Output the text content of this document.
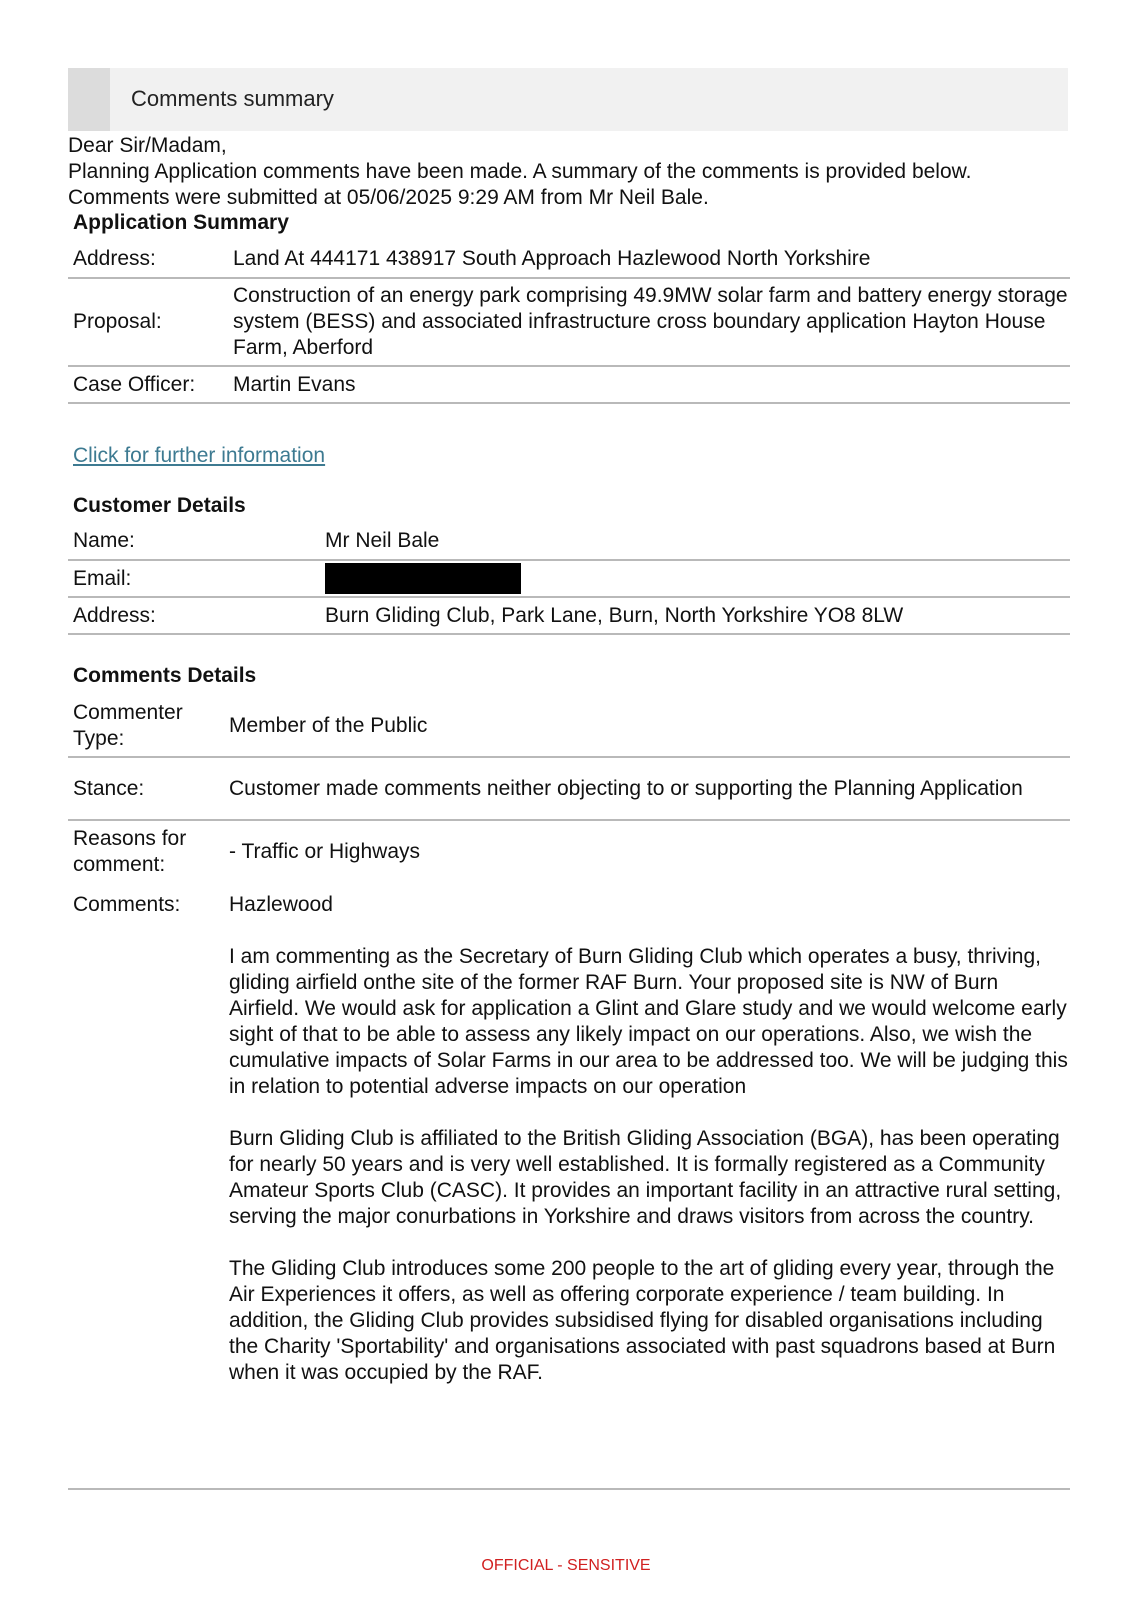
Comments summary
Dear Sir/Madam,
Planning Application comments have been made. A summary of the comments is provided below.
Comments were submitted at 05/06/2025 9:29 AM from Mr Neil Bale.
Application Summary
Address:	Land At 444171 438917 South Approach Hazlewood North Yorkshire
Proposal:	Construction of an energy park comprising 49.9MW solar farm and battery energy storage system (BESS) and associated infrastructure cross boundary application Hayton House Farm, Aberford
Case Officer:	Martin Evans
Click for further information
Customer Details
Name:	Mr Neil Bale
Email:	
Address:	Burn Gliding Club, Park Lane, Burn, North Yorkshire YO8 8LW
Comments Details
Commenter Type:	Member of the Public
Stance:	Customer made comments neither objecting to or supporting the Planning Application
Reasons for comment:	- Traffic or Highways
Comments:	Hazlewood

I am commenting as the Secretary of Burn Gliding Club which operates a busy, thriving, gliding airfield onthe site of the former RAF Burn. Your proposed site is NW of Burn Airfield. We would ask for application a Glint and Glare study and we would welcome early sight of that to be able to assess any likely impact on our operations. Also, we wish the cumulative impacts of Solar Farms in our area to be addressed too. We will be judging this in relation to potential adverse impacts on our operation

Burn Gliding Club is affiliated to the British Gliding Association (BGA), has been operating for nearly 50 years and is very well established. It is formally registered as a Community Amateur Sports Club (CASC). It provides an important facility in an attractive rural setting, serving the major conurbations in Yorkshire and draws visitors from across the country.

The Gliding Club introduces some 200 people to the art of gliding every year, through the Air Experiences it offers, as well as offering corporate experience / team building. In addition, the Gliding Club provides subsidised flying for disabled organisations including the Charity 'Sportability' and organisations associated with past squadrons based at Burn when it was occupied by the RAF.

OFFICIAL - SENSITIVE
